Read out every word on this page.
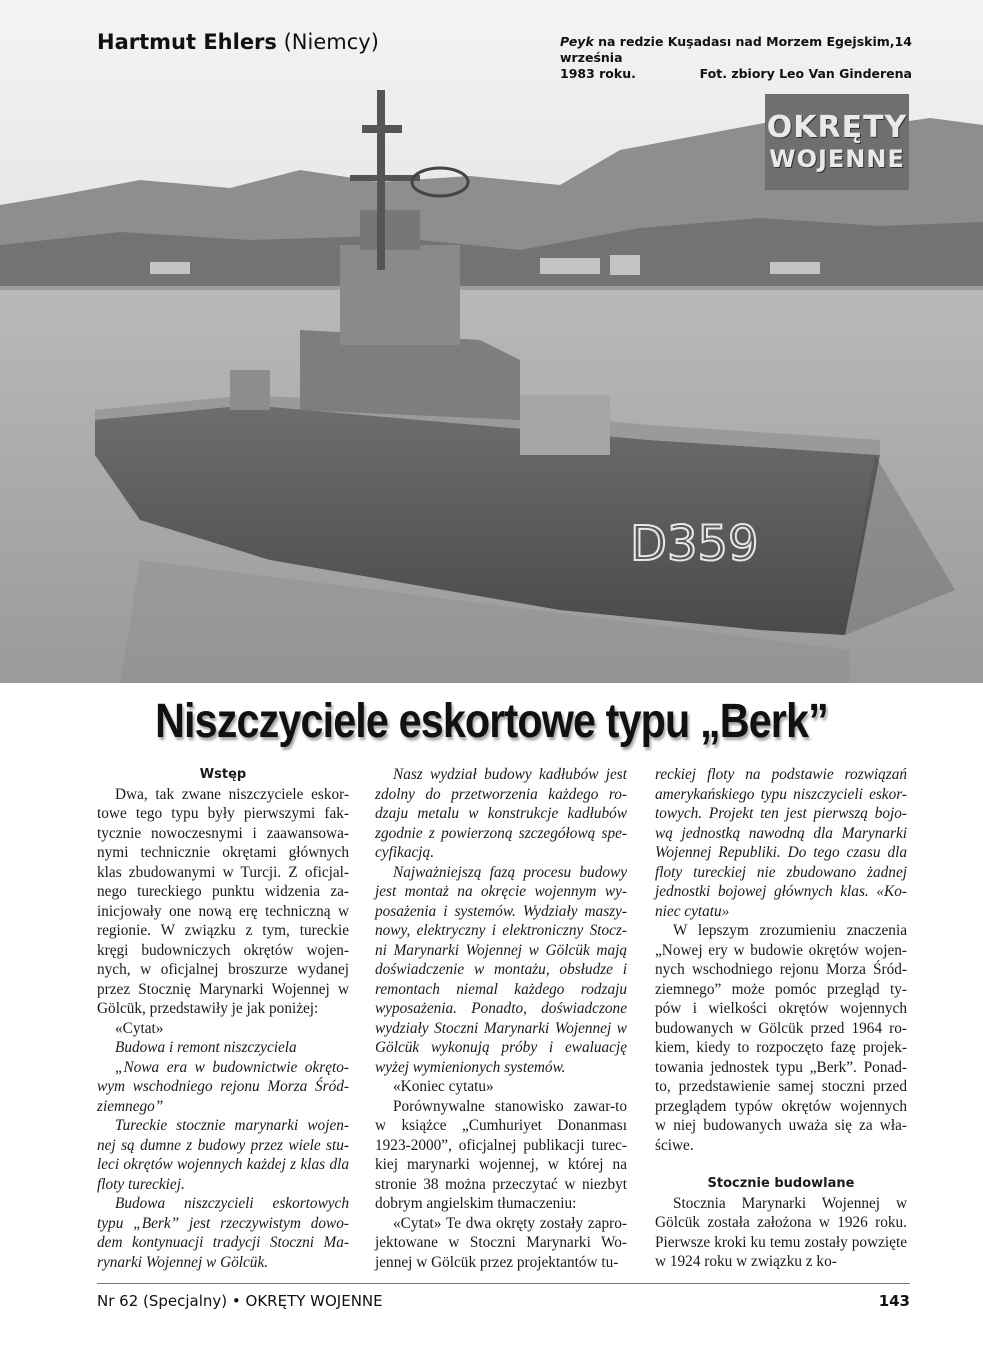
D359
Hartmut Ehlers (Niemcy)	Peyk na redzie Kuşadası nad Morzem Egejskim,14 września
1983 roku.	Fot. zbiory Leo Van Ginderena
OKRĘTY
WOJENNE
Niszczyciele eskortowe typu „Berk”
Wstęp

Dwa, tak zwane niszczyciele eskor-towe tego typu były pierwszymi fak-tycznie nowoczesnymi i zaawansowa-nymi technicznie okrętami głównych klas zbudowanymi w Turcji. Z oficjal-nego tureckiego punktu widzenia za-inicjowały one nową erę techniczną w regionie. W związku z tym, tureckie kręgi budowniczych okrętów wojen-nych, w oficjalnej broszurze wydanej przez Stocznię Marynarki Wojennej w Gölcük, przedstawiły je jak poniżej:

«Cytat»

Budowa i remont niszczyciela

„Nowa era w budownictwie okręto-wym wschodniego rejonu Morza Śród-ziemnego”

Tureckie stocznie marynarki wojen-nej są dumne z budowy przez wiele stu-leci okrętów wojennych każdej z klas dla floty tureckiej.

Budowa niszczycieli eskortowych typu „Berk” jest rzeczywistym dowo-dem kontynuacji tradycji Stoczni Ma-rynarki Wojennej w Gölcük.

Nasz wydział budowy kadłubów jest zdolny do przetworzenia każdego ro-dzaju metalu w konstrukcje kadłubów zgodnie z powierzoną szczegółową spe-cyfikacją.

Najważniejszą fazą procesu budowy jest montaż na okręcie wojennym wy-posażenia i systemów. Wydziały maszy-nowy, elektryczny i elektroniczny Stocz-ni Marynarki Wojennej w Gölcük mają doświadczenie w montażu, obsłudze i remontach niemal każdego rodzaju wyposażenia. Ponadto, doświadczone wydziały Stoczni Marynarki Wojennej w Gölcük wykonują próby i ewaluację wyżej wymienionych systemów.

«Koniec cytatu»

Porównywalne stanowisko zawar-to w książce „Cumhuriyet Donanması 1923-2000”, oficjalnej publikacji turec-kiej marynarki wojennej, w której na stronie 38 można przeczytać w niezbyt dobrym angielskim tłumaczeniu:

«Cytat» Te dwa okręty zostały zapro-jektowane w Stoczni Marynarki Wo-jennej w Gölcük przez projektantów tu-

reckiej floty na podstawie rozwiązań amerykańskiego typu niszczycieli eskor-towych. Projekt ten jest pierwszą bojo-wą jednostką nawodną dla Marynarki Wojennej Republiki. Do tego czasu dla floty tureckiej nie zbudowano żadnej jednostki bojowej głównych klas. «Ko-niec cytatu»

W lepszym zrozumieniu znaczenia „Nowej ery w budowie okrętów wojen-nych wschodniego rejonu Morza Śród-ziemnego” może pomóc przegląd ty-pów i wielkości okrętów wojennych budowanych w Gölcük przed 1964 ro-kiem, kiedy to rozpoczęto fazę projek-towania jednostek typu „Berk”. Ponad-to, przedstawienie samej stoczni przed przeglądem typów okrętów wojennych w niej budowanych uważa się za wła-ściwe.

Stocznie budowlane

Stocznia Marynarki Wojennej w Gölcük została założona w 1926 roku. Pierwsze kroki ku temu zostały powzięte w 1924 roku w związku z ko-

Nr 62 (Specjalny) • OKRĘTY WOJENNE	143
